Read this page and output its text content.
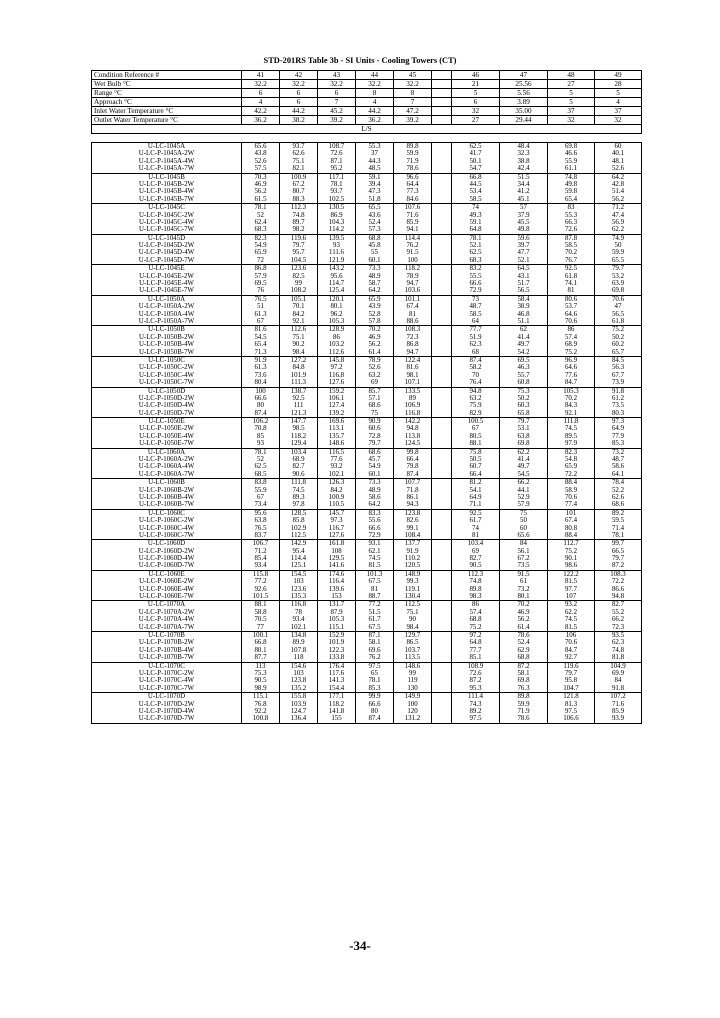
STD-201RS Table 3b - SI Units - Cooling Towers (CT)
Condition Reference #	41	42	43	44	45		46	47	48	49
Wet Bulb °C	32.2	32.2	32.2	32.2	32.2		21	25.56	27	28
Range °C	6	6	6	8	8		5	5.56	5	5
Approach °C	4	6	7	4	7		6	3.89	5	4
Inlet Water Temperature °C	42.2	44.2	45.2	44.2	47.2		32	35.00	37	37
Outlet Water Temperature °C	36.2	38.2	39.2	36.2	39.2		27	29.44	32	32
L/S										
U-LC-1045A	65.6	93.7	108.7	55.3	89.8		62.5	48.4	69.8	60
U-LC-P-1045A-2W	43.8	62.6	72.6	37	59.9		41.7	32.3	46.6	40.1
U-LC-P-1045A-4W	52.6	75.1	87.1	44.3	71.9		50.1	38.8	55.9	48.1
U-LC-P-1045A-7W	57.5	82.1	95.2	48.5	78.6		54.7	42.4	61.1	52.6
U-LC-1045B	70.3	100.9	117.1	59.1	96.6		66.8	51.5	74.8	64.2
U-LC-P-1045B-2W	46.9	67.2	78.1	39.4	64.4		44.5	34.4	49.8	42.8
U-LC-P-1045B-4W	56.2	80.7	93.7	47.3	77.3		53.4	41.2	59.8	51.4
U-LC-P-1045B-7W	61.5	88.3	102.5	51.8	84.6		58.5	45.1	65.4	56.2
U-LC-1045C	78.1	112.3	130.5	65.5	107.6		74	57	83	71.2
U-LC-P-1045C-2W	52	74.8	86.9	43.6	71.6		49.3	37.9	55.3	47.4
U-LC-P-1045C-4W	62.4	89.7	104.3	52.4	85.9		59.1	45.5	66.3	56.9
U-LC-P-1045C-7W	68.3	98.2	114.2	57.3	94.1		64.8	49.8	72.6	62.2
U-LC-1045D	82.3	119.6	139.5	68.8	114.4		78.1	59.6	87.8	74.9
U-LC-P-1045D-2W	54.9	79.7	93	45.8	76.2		52.1	39.7	58.5	50
U-LC-P-1045D-4W	65.9	95.7	111.6	55	91.5		62.5	47.7	70.2	59.9
U-LC-P-1045D-7W	72	104.5	121.9	60.1	100		68.3	52.1	76.7	65.5
U-LC-1045E	86.8	123.6	143.2	73.3	118.2		83.2	64.5	92.5	79.7
U-LC-P-1045E-2W	57.9	82.5	95.6	48.9	78.9		55.5	43.1	61.8	53.2
U-LC-P-1045E-4W	69.5	99	114.7	58.7	94.7		66.6	51.7	74.1	63.9
U-LC-P-1045E-7W	76	108.2	125.4	64.2	103.6		72.9	56.5	81	69.8
U-LC-1050A	76.5	105.1	120.1	65.9	101.1		73	58.4	80.6	70.6
U-LC-P-1050A-2W	51	70.1	80.1	43.9	67.4		48.7	38.9	53.7	47
U-LC-P-1050A-4W	61.3	84.2	96.2	52.8	81		58.5	46.8	64.6	56.5
U-LC-P-1050A-7W	67	92.1	105.3	57.8	88.6		64	51.1	70.6	61.8
U-LC-1050B	81.6	112.6	128.9	70.2	108.3		77.7	62	86	75.2
U-LC-P-1050B-2W	54.5	75.1	86	46.9	72.3		51.9	41.4	57.4	50.2
U-LC-P-1050B-4W	65.4	90.2	103.2	56.2	86.8		62.3	49.7	68.9	60.2
U-LC-P-1050B-7W	71.3	98.4	112.6	61.4	94.7		68	54.2	75.2	65.7
U-LC-1050C	91.9	127.2	145.8	78.9	122.4		87.4	69.5	96.9	84.5
U-LC-P-1050C-2W	61.3	84.8	97.2	52.6	81.6		58.2	46.3	64.6	56.3
U-LC-P-1050C-4W	73.6	101.9	116.8	63.2	98.1		70	55.7	77.6	67.7
U-LC-P-1050C-7W	80.4	111.3	127.6	69	107.1		76.4	60.8	84.7	73.9
U-LC-1050D	100	138.7	159.2	85.7	133.5		94.8	75.3	105.3	91.8
U-LC-P-1050D-2W	66.6	92.5	106.1	57.1	89		63.2	50.2	70.2	61.2
U-LC-P-1050D-4W	80	111	127.4	68.6	106.9		75.9	60.3	84.3	73.5
U-LC-P-1050D-7W	87.4	121.3	139.2	75	116.8		82.9	65.8	92.1	80.3
U-LC-1050E	106.2	147.7	169.6	90.9	142.2		100.5	79.7	111.8	97.3
U-LC-P-1050E-2W	70.8	98.5	113.1	60.6	94.8		67	53.1	74.5	64.9
U-LC-P-1050E-4W	85	118.2	135.7	72.8	113.8		80.5	63.8	89.5	77.9
U-LC-P-1050E-7W	93	129.4	148.6	79.7	124.5		88.1	69.8	97.9	85.3
U-LC-1060A	78.1	103.4	116.5	68.6	99.8		75.8	62.2	82.3	73.2
U-LC-P-1060A-2W	52	68.9	77.6	45.7	66.4		50.5	41.4	54.8	48.7
U-LC-P-1060A-4W	62.5	82.7	93.2	54.9	79.8		60.7	49.7	65.9	58.6
U-LC-P-1060A-7W	68.5	90.6	102.1	60.1	87.4		66.4	54.5	72.2	64.1
U-LC-1060B	83.8	111.8	126.3	73.3	107.7		81.2	66.2	88.4	78.4
U-LC-P-1060B-2W	55.9	74.5	84.2	48.9	71.8		54.1	44.1	58.9	52.2
U-LC-P-1060B-4W	67	89.3	100.9	58.6	86.1		64.9	52.9	70.6	62.6
U-LC-P-1060B-7W	73.4	97.8	110.5	64.2	94.3		71.1	57.9	77.4	68.6
U-LC-1060C	95.6	128.5	145.7	83.3	123.8		92.5	75	101	89.2
U-LC-P-1060C-2W	63.8	85.8	97.3	55.6	82.6		61.7	50	67.4	59.5
U-LC-P-1060C-4W	76.5	102.9	116.7	66.6	99.1		74	60	80.8	71.4
U-LC-P-1060C-7W	83.7	112.5	127.6	72.9	108.4		81	65.6	88.4	78.1
U-LC-1060D	106.7	142.9	161.8	93.1	137.7		103.4	84	112.7	99.7
U-LC-P-1060D-2W	71.2	95.4	108	62.1	91.9		69	56.1	75.2	66.5
U-LC-P-1060D-4W	85.4	114.4	129.5	74.5	110.2		82.7	67.2	90.1	79.7
U-LC-P-1060D-7W	93.4	125.1	141.6	81.5	120.5		90.5	73.5	98.6	87.2
U-LC-1060E	115.8	154.5	174.6	101.3	148.9		112.3	91.5	122.2	108.3
U-LC-P-1060E-2W	77.2	103	116.4	67.5	99.3		74.8	61	81.5	72.2
U-LC-P-1060E-4W	92.6	123.6	139.6	81	119.1		89.8	73.2	97.7	86.6
U-LC-P-1060E-7W	101.5	135.3	153	88.7	130.4		98.3	80.1	107	94.8
U-LC-1070A	88.1	116.8	131.7	77.2	112.5		86	70.2	93.2	82.7
U-LC-P-1070A-2W	58.8	78	87.9	51.5	75.1		57.4	46.9	62.2	55.2
U-LC-P-1070A-4W	70.5	93.4	105.3	61.7	90		68.8	56.2	74.5	66.2
U-LC-P-1070A-7W	77	102.1	115.1	67.5	98.4		75.2	61.4	81.5	72.3
U-LC-1070B	100.1	134.8	152.9	87.1	129.7		97.2	78.6	106	93.5
U-LC-P-1070B-2W	66.8	89.9	101.9	58.1	86.5		64.8	52.4	70.6	62.3
U-LC-P-1070B-4W	80.1	107.8	122.3	69.6	103.7		77.7	62.9	84.7	74.8
U-LC-P-1070B-7W	87.7	118	133.8	76.2	113.5		85.1	68.8	92.7	81.8
U-LC-1070C	113	154.6	176.4	97.5	148.6		108.9	87.2	119.6	104.9
U-LC-P-1070C-2W	75.3	103	117.6	65	99		72.6	58.1	79.7	69.9
U-LC-P-1070C-4W	90.5	123.8	141.3	78.1	119		87.2	69.8	95.8	84
U-LC-P-1070C-7W	98.9	135.2	154.4	85.3	130		95.3	76.3	104.7	91.8
U-LC-1070D	115.1	155.8	177.1	99.9	149.9		111.4	89.8	121.8	107.2
U-LC-P-1070D-2W	76.8	103.9	118.2	66.6	100		74.3	59.9	81.3	71.6
U-LC-P-1070D-4W	92.2	124.7	141.8	80	120		89.2	71.9	97.5	85.9
U-LC-P-1070D-7W	100.8	136.4	155	87.4	131.2		97.5	78.6	106.6	93.9
-34-
